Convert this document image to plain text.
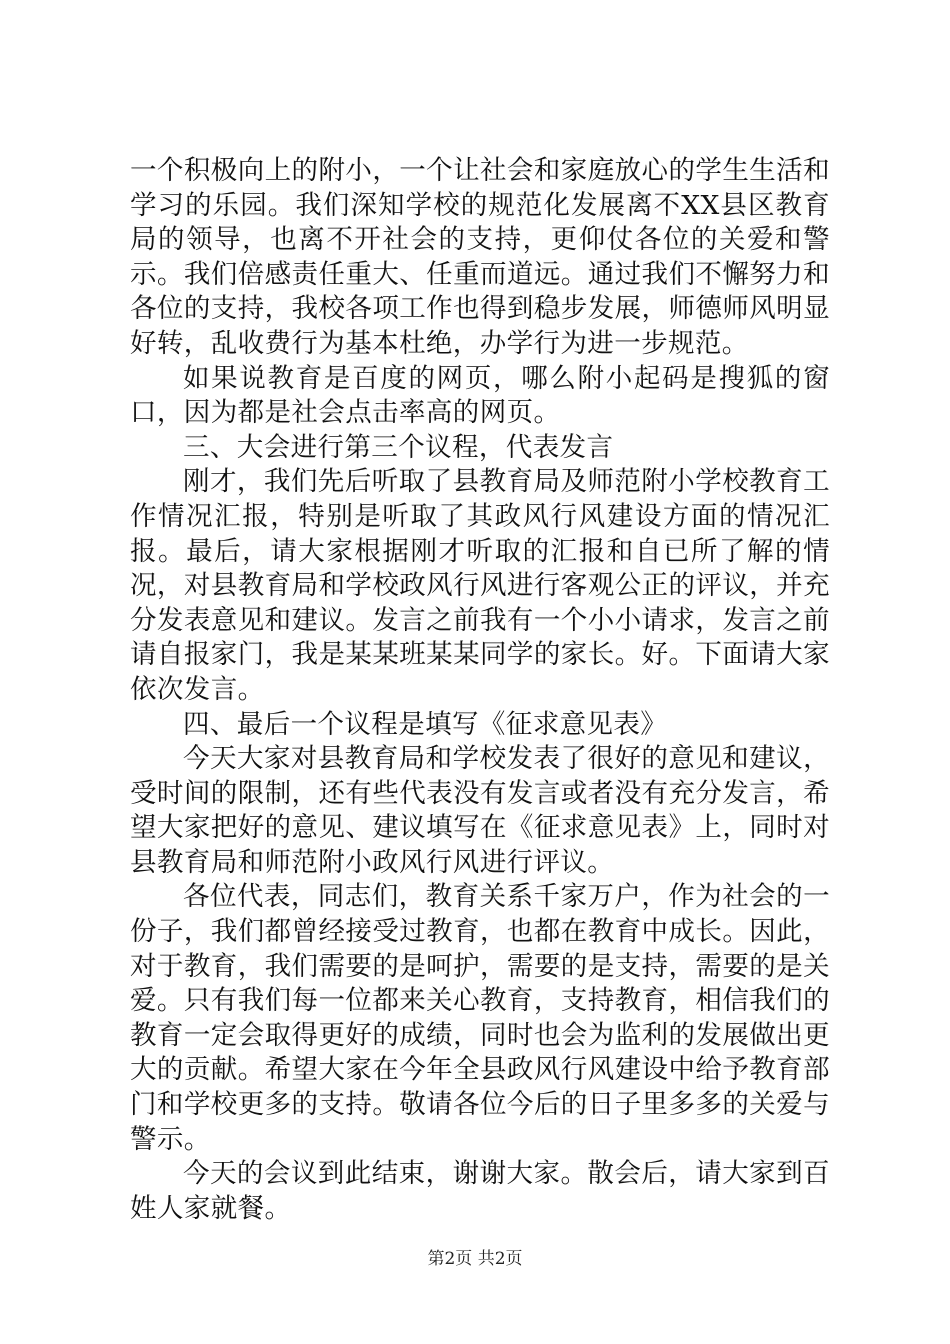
一个积极向上的附小，一个让社会和家庭放心的学生生活和学习的乐园。我们深知学校的规范化发展离不XX县区教育局的领导，也离不开社会的支持，更仰仗各位的关爱和警示。我们倍感责任重大、任重而道远。通过我们不懈努力和各位的支持，我校各项工作也得到稳步发展，师德师风明显好转，乱收费行为基本杜绝，办学行为进一步规范。

如果说教育是百度的网页，哪么附小起码是搜狐的窗口，因为都是社会点击率高的网页。

三、大会进行第三个议程，代表发言

刚才，我们先后听取了县教育局及师范附小学校教育工作情况汇报，特别是听取了其政风行风建设方面的情况汇报。最后，请大家根据刚才听取的汇报和自已所了解的情况，对县教育局和学校政风行风进行客观公正的评议，并充分发表意见和建议。发言之前我有一个小小请求，发言之前请自报家门，我是某某班某某同学的家长。好。下面请大家依次发言。

四、最后一个议程是填写《征求意见表》

今天大家对县教育局和学校发表了很好的意见和建议，受时间的限制，还有些代表没有发言或者没有充分发言，希望大家把好的意见、建议填写在《征求意见表》上，同时对县教育局和师范附小政风行风进行评议。

各位代表，同志们，教育关系千家万户，作为社会的一份子，我们都曾经接受过教育，也都在教育中成长。因此，对于教育，我们需要的是呵护，需要的是支持，需要的是关爱。只有我们每一位都来关心教育，支持教育，相信我们的教育一定会取得更好的成绩，同时也会为监利的发展做出更大的贡献。希望大家在今年全县政风行风建设中给予教育部门和学校更多的支持。敬请各位今后的日子里多多的关爱与警示。

今天的会议到此结束，谢谢大家。散会后，请大家到百姓人家就餐。

第2页 共2页
